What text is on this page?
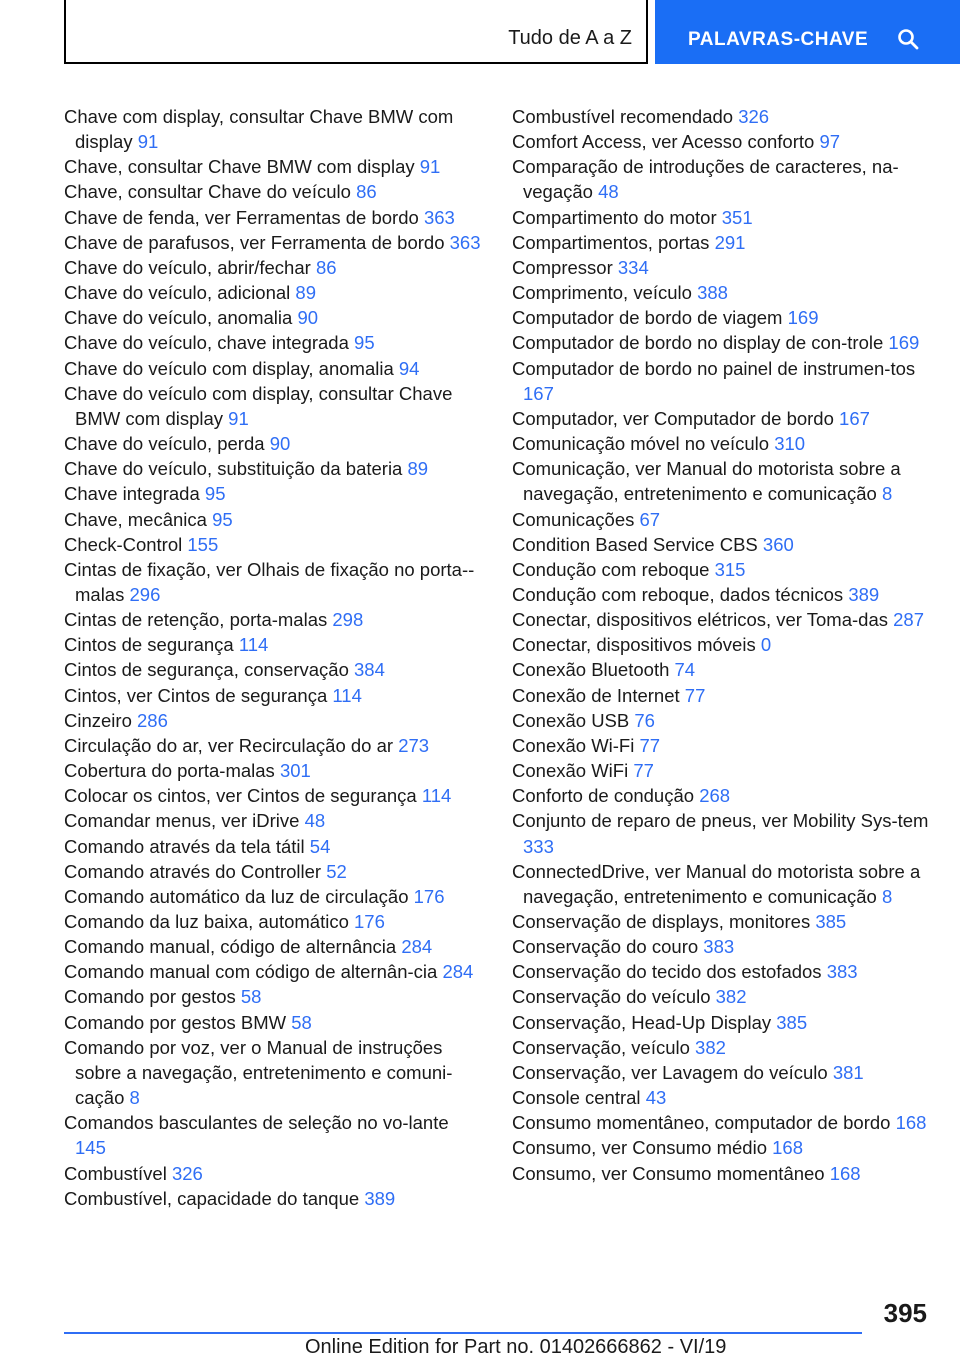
Tudo de A a Z	PALAVRAS-CHAVE
Chave com display, consultar Chave BMW com display 91
Chave, consultar Chave BMW com display 91
Chave, consultar Chave do veículo 86
Chave de fenda, ver Ferramentas de bordo 363
Chave de parafusos, ver Ferramenta de bordo 363
Chave do veículo, abrir/fechar 86
Chave do veículo, adicional 89
Chave do veículo, anomalia 90
Chave do veículo, chave integrada 95
Chave do veículo com display, anomalia 94
Chave do veículo com display, consultar Chave BMW com display 91
Chave do veículo, perda 90
Chave do veículo, substituição da bateria 89
Chave integrada 95
Chave, mecânica 95
Check-Control 155
Cintas de fixação, ver Olhais de fixação no porta--malas 296
Cintas de retenção, porta-malas 298
Cintos de segurança 114
Cintos de segurança, conservação 384
Cintos, ver Cintos de segurança 114
Cinzeiro 286
Circulação do ar, ver Recirculação do ar 273
Cobertura do porta-malas 301
Colocar os cintos, ver Cintos de segurança 114
Comandar menus, ver iDrive 48
Comando através da tela tátil 54
Comando através do Controller 52
Comando automático da luz de circulação 176
Comando da luz baixa, automático 176
Comando manual, código de alternância 284
Comando manual com código de alternân-cia 284
Comando por gestos 58
Comando por gestos BMW 58
Comando por voz, ver o Manual de instruções sobre a navegação, entretenimento e comuni-cação 8
Comandos basculantes de seleção no vo-lante 145
Combustível 326
Combustível, capacidade do tanque 389
Combustível recomendado 326
Comfort Access, ver Acesso conforto 97
Comparação de introduções de caracteres, na-vegação 48
Compartimento do motor 351
Compartimentos, portas 291
Compressor 334
Comprimento, veículo 388
Computador de bordo de viagem 169
Computador de bordo no display de con-trole 169
Computador de bordo no painel de instrumen-tos 167
Computador, ver Computador de bordo 167
Comunicação móvel no veículo 310
Comunicação, ver Manual do motorista sobre a navegação, entretenimento e comunicação 8
Comunicações 67
Condition Based Service CBS 360
Condução com reboque 315
Condução com reboque, dados técnicos 389
Conectar, dispositivos elétricos, ver Toma-das 287
Conectar, dispositivos móveis 0
Conexão Bluetooth 74
Conexão de Internet 77
Conexão USB 76
Conexão Wi-Fi 77
Conexão WiFi 77
Conforto de condução 268
Conjunto de reparo de pneus, ver Mobility Sys-tem 333
ConnectedDrive, ver Manual do motorista sobre a navegação, entretenimento e comunicação 8
Conservação de displays, monitores 385
Conservação do couro 383
Conservação do tecido dos estofados 383
Conservação do veículo 382
Conservação, Head-Up Display 385
Conservação, veículo 382
Conservação, ver Lavagem do veículo 381
Console central 43
Consumo momentâneo, computador de bordo 168
Consumo, ver Consumo médio 168
Consumo, ver Consumo momentâneo 168
395
Online Edition for Part no. 01402666862 - VI/19
